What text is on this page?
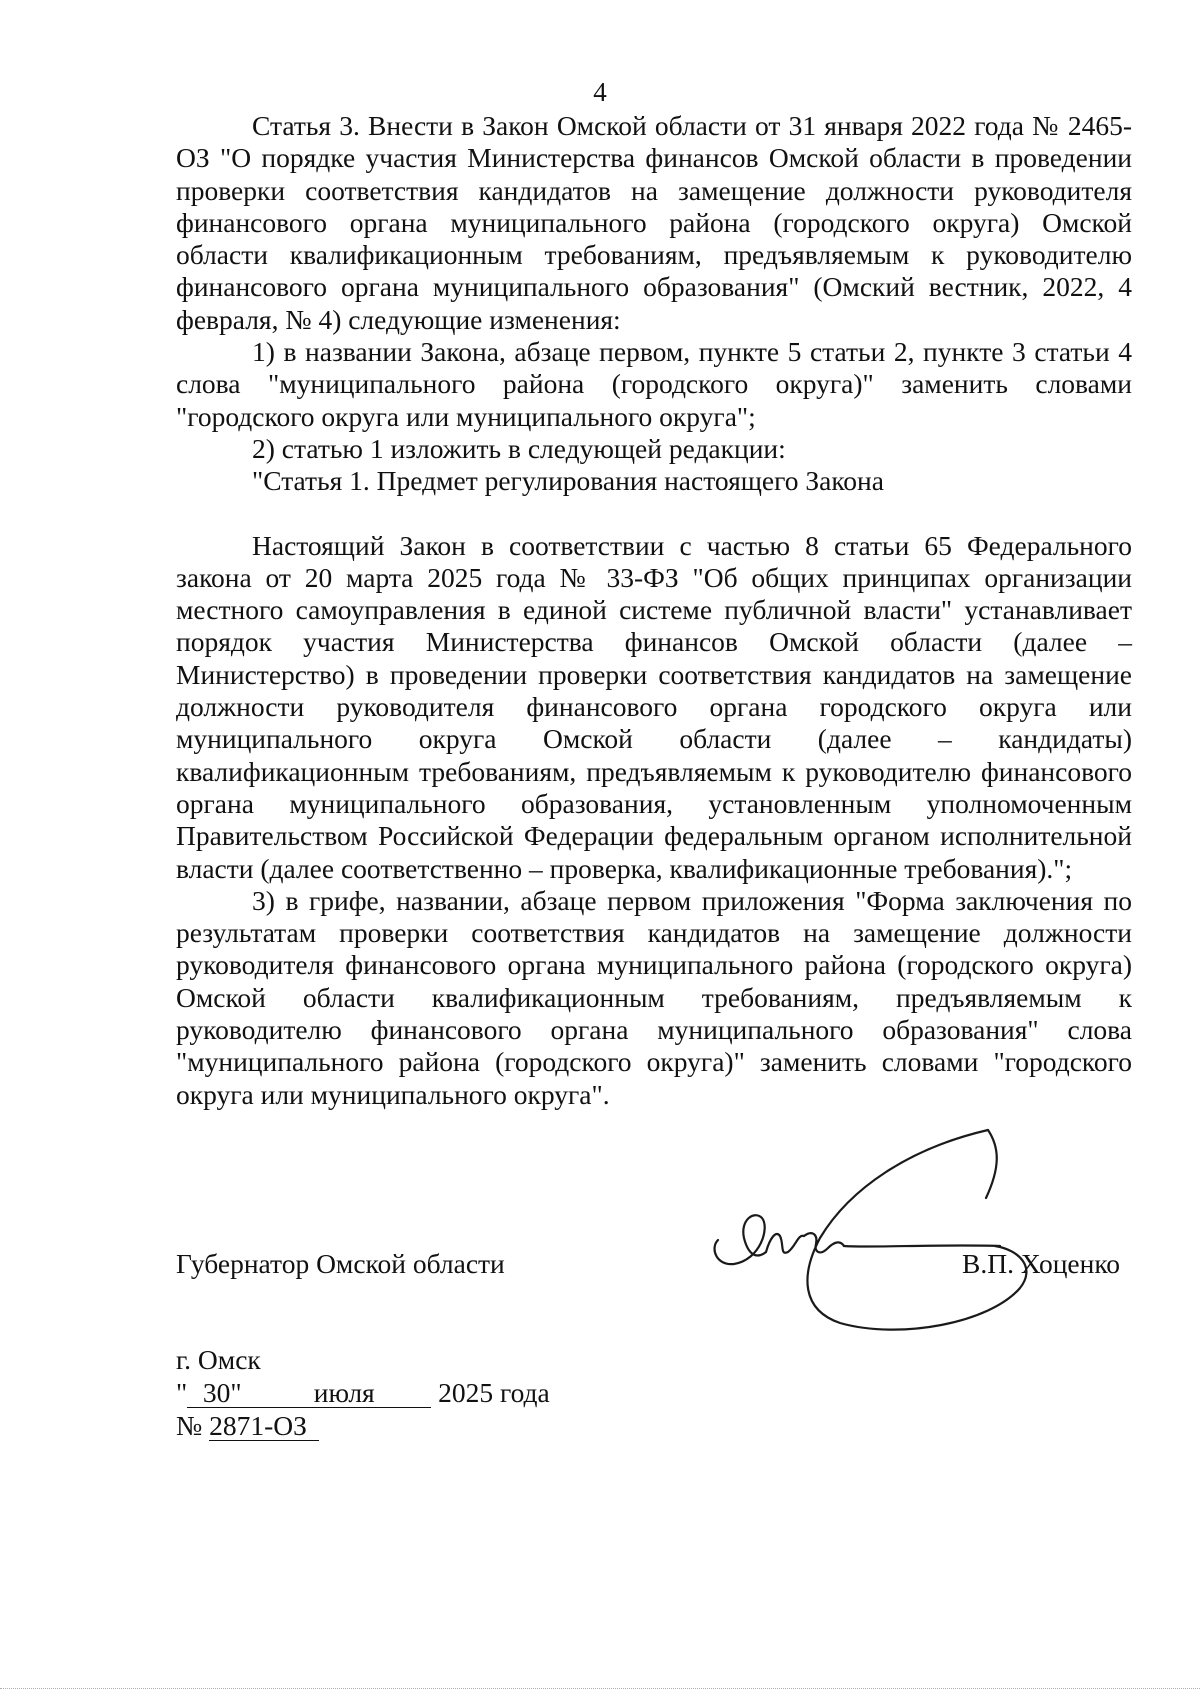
4

Статья 3. Внести в Закон Омской области от 31 января 2022 года № 2465-ОЗ "О порядке участия Министерства финансов Омской области в проведении проверки соответствия кандидатов на замещение должности руководителя финансового органа муниципального района (городского округа) Омской области квалификационным требованиям, предъявляемым к руководителю финансового органа муниципального образования" (Омский вестник, 2022, 4 февраля, № 4) следующие изменения:

1) в названии Закона, абзаце первом, пункте 5 статьи 2, пункте 3 статьи 4 слова "муниципального района (городского округа)" заменить словами "городского округа или муниципального округа";

2) статью 1 изложить в следующей редакции:

"Статья 1. Предмет регулирования настоящего Закона

Настоящий Закон в соответствии с частью 8 статьи 65 Федерального закона от 20 марта 2025 года № 33-ФЗ "Об общих принципах организации местного самоуправления в единой системе публичной власти" устанавливает порядок участия Министерства финансов Омской области (далее – Министерство) в проведении проверки соответствия кандидатов на замещение должности руководителя финансового органа городского округа или муниципального округа Омской области (далее – кандидаты) квалификационным требованиям, предъявляемым к руководителю финансового органа муниципального образования, установленным уполномоченным Правительством Российской Федерации федеральным органом исполнительной власти (далее соответственно – проверка, квалификационные требования).";

3) в грифе, названии, абзаце первом приложения "Форма заключения по результатам проверки соответствия кандидатов на замещение должности руководителя финансового органа муниципального района (городского округа) Омской области квалификационным требованиям, предъявляемым к руководителю финансового органа муниципального образования" слова "муниципального района (городского округа)" заменить словами "городского округа или муниципального округа".

Губернатор Омской области	В.П. Хоценко
г. Омск
" 30"	июля 2025 года
№ 2871-ОЗ
